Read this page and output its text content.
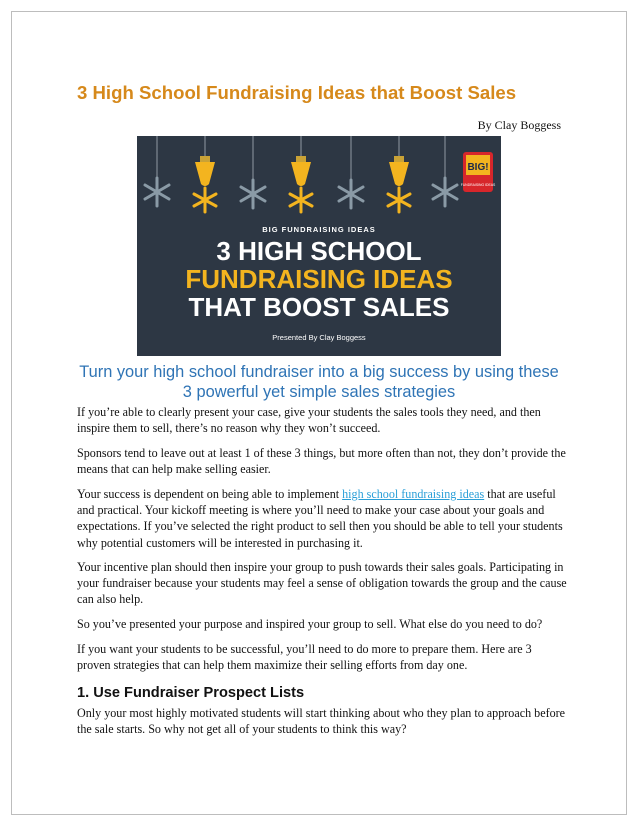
3 High School Fundraising Ideas that Boost Sales
By Clay Boggess
BIG!
FUNDRAISING IDEAS
BIG FUNDRAISING IDEAS
3 HIGH SCHOOL
FUNDRAISING IDEAS
THAT BOOST SALES
Presented By Clay Boggess

Turn your high school fundraiser into a big success by using these 3 powerful yet simple sales strategies

If you’re able to clearly present your case, give your students the sales tools they need, and then inspire them to sell, there’s no reason why they won’t succeed.

Sponsors tend to leave out at least 1 of these 3 things, but more often than not, they don’t provide the means that can help make selling easier.

Your success is dependent on being able to implement high school fundraising ideas that are useful and practical. Your kickoff meeting is where you’ll need to make your case about your goals and expectations. If you’ve selected the right product to sell then you should be able to tell your students why potential customers will be interested in purchasing it.

Your incentive plan should then inspire your group to push towards their sales goals. Participating in your fundraiser because your students may feel a sense of obligation towards the group and the cause can also help.

So you’ve presented your purpose and inspired your group to sell. What else do you need to do?

If you want your students to be successful, you’ll need to do more to prepare them. Here are 3 proven strategies that can help them maximize their selling efforts from day one.

1. Use Fundraiser Prospect Lists

Only your most highly motivated students will start thinking about who they plan to approach before the sale starts. So why not get all of your students to think this way?
